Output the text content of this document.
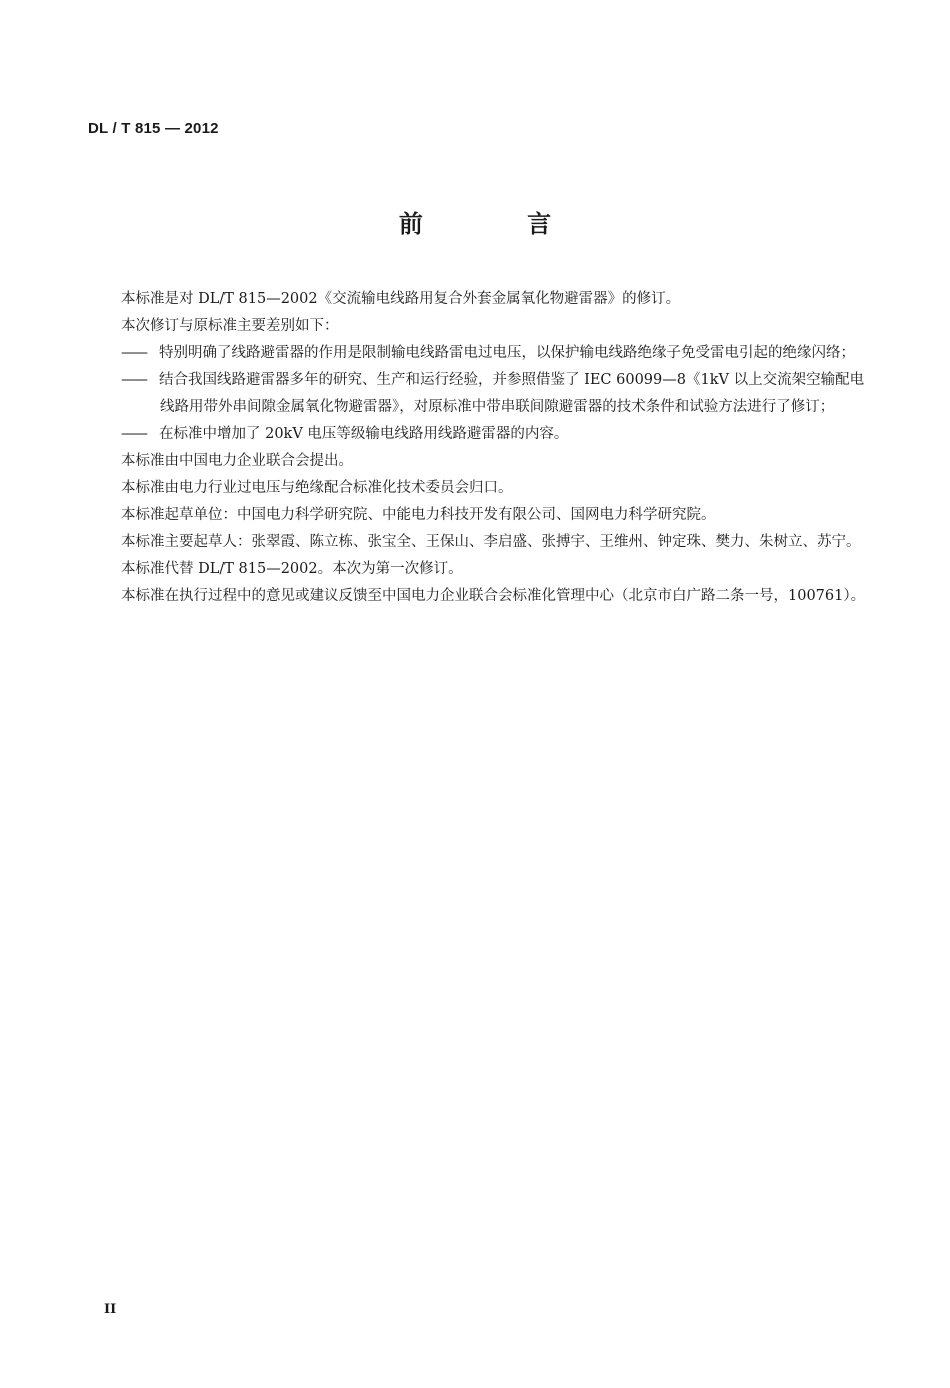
DL / T 815 — 2012
前 言

本标准是对 DL/T 815—2002《交流输电线路用复合外套金属氧化物避雷器》的修订。

本次修订与原标准主要差别如下：

—— 特别明确了线路避雷器的作用是限制输电线路雷电过电压，以保护输电线路绝缘子免受雷电引起的绝缘闪络；

—— 结合我国线路避雷器多年的研究、生产和运行经验，并参照借鉴了 IEC 60099—8《1kV 以上交流架空输配电线路用带外串间隙金属氧化物避雷器》，对原标准中带串联间隙避雷器的技术条件和试验方法进行了修订；

—— 在标准中增加了 20kV 电压等级输电线路用线路避雷器的内容。

本标准由中国电力企业联合会提出。

本标准由电力行业过电压与绝缘配合标准化技术委员会归口。

本标准起草单位：中国电力科学研究院、中能电力科技开发有限公司、国网电力科学研究院。

本标准主要起草人：张翠霞、陈立栋、张宝全、王保山、李启盛、张搏宇、王维州、钟定珠、樊力、朱树立、苏宁。

本标准代替 DL/T 815—2002。本次为第一次修订。

本标准在执行过程中的意见或建议反馈至中国电力企业联合会标准化管理中心（北京市白广路二条一号，100761）。

II
